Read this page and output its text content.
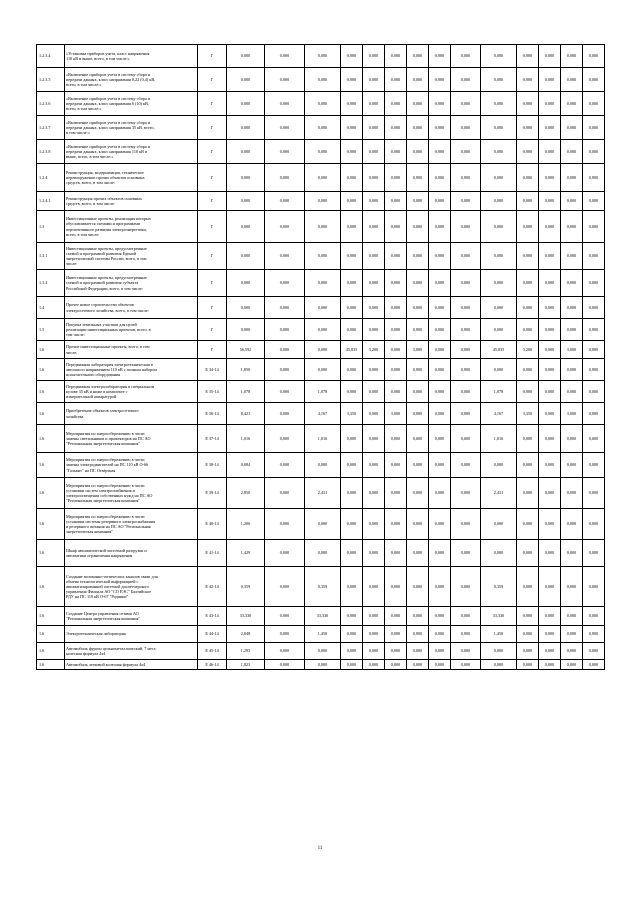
1.2.3.4	«Установка приборов учета, класс напряжения
110 кВ и выше, всего, в том числе:»	Г	0,000	0,000	0,000	0,000	0,000	0,000	0,000	0,000	0,000	0,000	0,000	0,000	0,000	0,000
1.2.3.5	«Включение приборов учета в систему сбора и
передачи данных, класс напряжения 0,22 (0,4) кВ,
всего, в том числе:»	Г	0,000	0,000	0,000	0,000	0,000	0,000	0,000	0,000	0,000	0,000	0,000	0,000	0,000	0,000
1.2.3.6	«Включение приборов учета в систему сбора и
передачи данных, класс напряжения 6 (10) кВ,
всего, в том числе:»	Г	0,000	0,000	0,000	0,000	0,000	0,000	0,000	0,000	0,000	0,000	0,000	0,000	0,000	0,000
1.2.3.7	«Включение приборов учета в систему сбора и
передачи данных, класс напряжения 35 кВ, всего,
в том числе:»	Г	0,000	0,000	0,000	0,000	0,000	0,000	0,000	0,000	0,000	0,000	0,000	0,000	0,000	0,000
1.2.3.8	«Включение приборов учета в систему сбора и
передачи данных, класс напряжения 110 кВ и
выше, всего, в том числе:»	Г	0,000	0,000	0,000	0,000	0,000	0,000	0,000	0,000	0,000	0,000	0,000	0,000	0,000	0,000
1.2.4	Реконструкция, модернизация, техническое
перевооружение прочих объектов основных
средств, всего, в том числе:	Г	0,000	0,000	0,000	0,000	0,000	0,000	0,000	0,000	0,000	0,000	0,000	0,000	0,000	0,000
1.2.4.1	Реконструкция прочих объектов основных
средств, всего, в том числе:	Г	0,000	0,000	0,000	0,000	0,000	0,000	0,000	0,000	0,000	0,000	0,000	0,000	0,000	0,000
1.3	Инвестиционные проекты, реализация которых
обуславливается схемами и программами
перспективного развития электроэнергетики,
всего, в том числе:	Г	0,000	0,000	0,000	0,000	0,000	0,000	0,000	0,000	0,000	0,000	0,000	0,000	0,000	0,000
1.3.1	Инвестиционные проекты, предусмотренные
схемой и программой развития Единой
энергетической системы России, всего, в том
числе:	Г	0,000	0,000	0,000	0,000	0,000	0,000	0,000	0,000	0,000	0,000	0,000	0,000	0,000	0,000
1.3.2	Инвестиционные проекты, предусмотренные
схемой и программой развития субъекта
Российской Федерации, всего, в том числе:	Г	0,000	0,000	0,000	0,000	0,000	0,000	0,000	0,000	0,000	0,000	0,000	0,000	0,000	0,000
1.4	Прочее новое строительство объектов
электросетевого хозяйства, всего, в том числе:	Г	0,000	0,000	0,000	0,000	0,000	0,000	0,000	0,000	0,000	0,000	0,000	0,000	0,000	0,000
1.5	Покупка земельных участков для целей
реализации инвестиционных проектов, всего, в
том числе:	Г	0,000	0,000	0,000	0,000	0,000	0,000	0,000	0,000	0,000	0,000	0,000	0,000	0,000	0,000
1.6	Прочие инвестиционные проекты, всего, в том
числе:	Г	56,592	0,000	0,000	45,835	3,200	0,000	3,000	0,000	0,000	45,835	3,200	0,000	3,000	0,000
1.6	Передвижная лаборатория электротехническая в
автошасси напряжением 110 кВ с полным набором
испытательного оборудования	Е 34-14	1,850	0,000	0,000	0,000	0,000	0,000	0,000	0,000	0,000	0,000	0,000	0,000	0,000	0,000
1.6	Передвижная электролаборатория в специальном
кузове 35 кВ и ниже в комплекте с
измерительной аппаратурой	Е 35-14	1,078	0,000	1,078	0,000	0,000	0,000	0,000	0,000	0,000	1,078	0,000	0,000	0,000	0,000
1.6	Приобретение объектов электросетевого
хозяйства	Е 36-14	8,421	0,000	4,167	3,350	0,000	3,000	0,000	0,000	0,000	4,167	3,350	0,000	3,000	0,000
1.6	Мероприятия по энергосбережению в части
замены светильников и прожекторов на ПС АО
"Региональная энергетическая компания"	Е 37-14	1,016	0,000	1,016	0,000	0,000	0,000	0,000	0,000	0,000	1,016	0,000	0,000	0,000	0,000
1.6	Мероприятия по энергосбережению в части
замены электродвигателей на ПС 110 кВ О-66
"Гальвит" на ПС Отвёртная	Е 38-14	0,084	0,000	0,000	0,000	0,000	0,000	0,000	0,000	0,000	0,000	0,000	0,000	0,000	0,000
1.6	Мероприятия по энергосбережению в части
установки систем электроснабжения и
электроосвещения собственных нужд на ПС АО
"Региональная энергетическая компания"	Е 39-14	2,850	0,000	2,431	0,000	0,000	0,000	0,000	0,000	0,000	2,431	0,000	0,000	0,000	0,000
1.6	Мероприятия по энергосбережению в части
установки системы резервного электроснабжения
и резервного питания на ПС АО "Региональная
энергетическая компания"	Е 40-14	1,206	0,000	0,000	0,000	0,000	0,000	0,000	0,000	0,000	0,000	0,000	0,000	0,000	0,000
1.6	Шкаф автоматической частотной разгрузки и
автоматики ограничения напряжения	Е 41-14	1,429	0,000	0,000	0,000	0,000	0,000	0,000	0,000	0,000	0,000	0,000	0,000	0,000	0,000
1.6	Создание волоконно-оптических каналов связи для
обмена технологической информацией с
автоматизированной системой диспетчерского
управления Филиала АО "СО ЕЭС" Балтийское
РДУ на ПС 110 кВ О-67 "Родники"	Е 42-14	0,359	0,000	0,359	0,000	0,000	0,000	0,000	0,000	0,000	0,359	0,000	0,000	0,000	0,000
1.6	Создание Центра управления сетями АО
"Региональная энергетическая компания"	Е 43-14	33,330	0,000	33,330	0,000	0,000	0,000	0,000	0,000	0,000	33,330	0,000	0,000	0,000	0,000
1.6	Электротехническая лаборатория	Е 44-14	2,048	0,000	1,450	0,000	0,000	0,000	0,000	0,000	0,000	1,450	0,000	0,000	0,000	0,000
1.6	Автомобиль фургон цельнометаллический, 7 мест,
колесная формула 4х4	Е 45-14	1,295	0,000	0,000	0,000	0,000	0,000	0,000	0,000	0,000	0,000	0,000	0,000	0,000	0,000
1.6	Автомобиль легковой колесная формула 4х4	Е 46-14	1,823	0,000	0,000	0,000	0,000	0,000	0,000	0,000	0,000	0,000	0,000	0,000	0,000	0,000
11
